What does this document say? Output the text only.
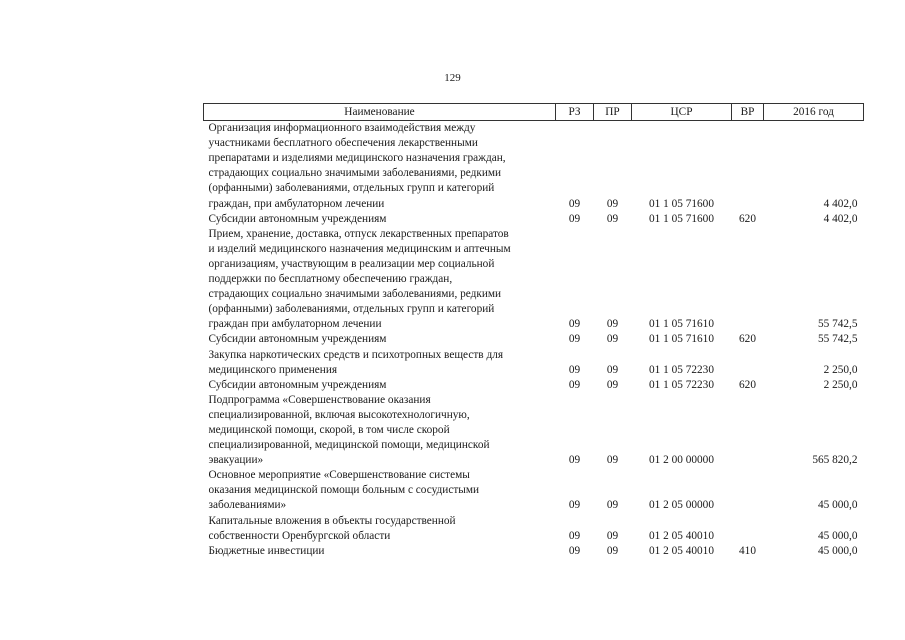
129
Наименование	РЗ	ПР	ЦСР	ВР	2016 год
Организация информационного взаимодействия между					
участниками бесплатного обеспечения лекарственными					
препаратами и изделиями медицинского назначения граждан,					
страдающих социально значимыми заболеваниями, редкими					
(орфанными) заболеваниями, отдельных групп и категорий					
граждан, при амбулаторном лечении	09	09	01 1 05 71600		4 402,0
Субсидии автономным учреждениям	09	09	01 1 05 71600	620	4 402,0
Прием, хранение, доставка, отпуск лекарственных препаратов					
и изделий медицинского назначения медицинским и аптечным					
организациям, участвующим в реализации мер социальной					
поддержки по бесплатному обеспечению граждан,					
страдающих социально значимыми заболеваниями, редкими					
(орфанными) заболеваниями, отдельных групп и категорий					
граждан при амбулаторном лечении	09	09	01 1 05 71610		55 742,5
Субсидии автономным учреждениям	09	09	01 1 05 71610	620	55 742,5
Закупка наркотических средств и психотропных веществ для					
медицинского применения	09	09	01 1 05 72230		2 250,0
Субсидии автономным учреждениям	09	09	01 1 05 72230	620	2 250,0
Подпрограмма «Совершенствование оказания					
специализированной, включая высокотехнологичную,					
медицинской помощи, скорой, в том числе скорой					
специализированной, медицинской помощи, медицинской					
эвакуации»	09	09	01 2 00 00000		565 820,2
Основное мероприятие «Совершенствование системы					
оказания медицинской помощи больным с сосудистыми					
заболеваниями»	09	09	01 2 05 00000		45 000,0
Капитальные вложения в объекты государственной					
собственности Оренбургской области	09	09	01 2 05 40010		45 000,0
Бюджетные инвестиции	09	09	01 2 05 40010	410	45 000,0
